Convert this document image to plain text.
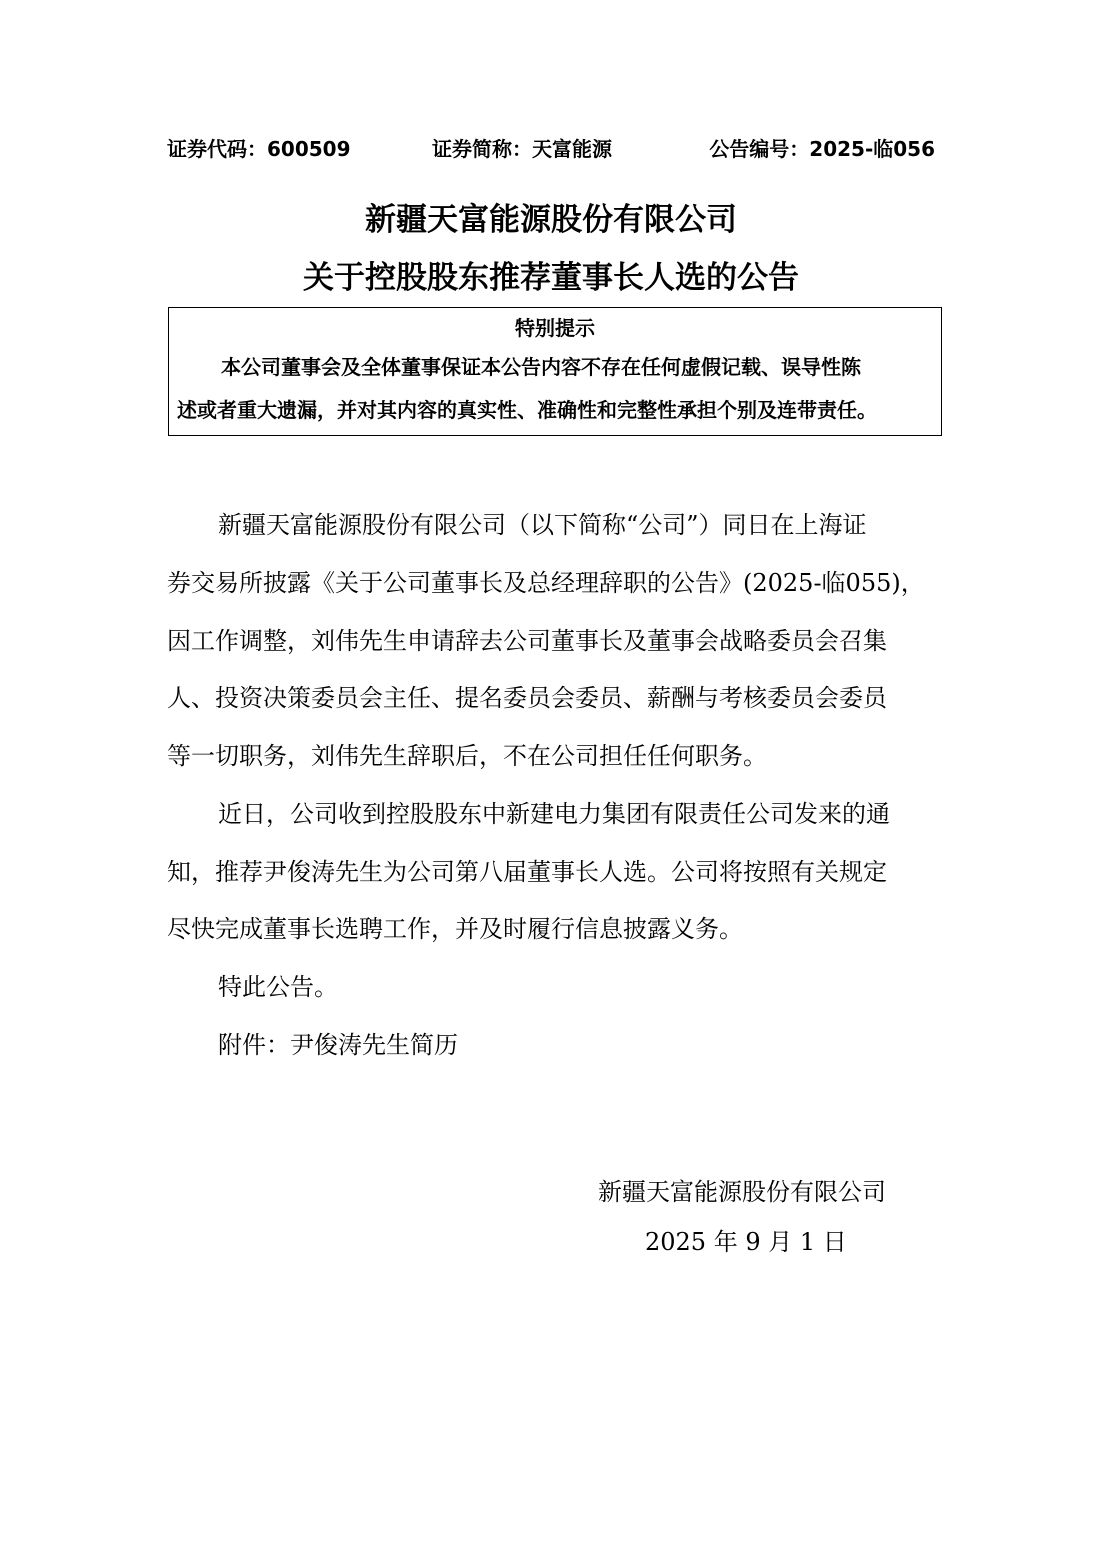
证券代码：600509	证券简称：天富能源	公告编号：2025-临056
新疆天富能源股份有限公司
关于控股股东推荐董事长人选的公告
特别提示
本公司董事会及全体董事保证本公告内容不存在任何虚假记载、误导性陈
述或者重大遗漏，并对其内容的真实性、准确性和完整性承担个别及连带责任。
新疆天富能源股份有限公司（以下简称“公司”）同日在上海证
券交易所披露《关于公司董事长及总经理辞职的公告》(2025-临055)，
因工作调整，刘伟先生申请辞去公司董事长及董事会战略委员会召集
人、投资决策委员会主任、提名委员会委员、薪酬与考核委员会委员
等一切职务，刘伟先生辞职后，不在公司担任任何职务。
近日，公司收到控股股东中新建电力集团有限责任公司发来的通
知，推荐尹俊涛先生为公司第八届董事长人选。公司将按照有关规定
尽快完成董事长选聘工作，并及时履行信息披露义务。
特此公告。
附件：尹俊涛先生简历
新疆天富能源股份有限公司
2025 年 9 月 1 日
